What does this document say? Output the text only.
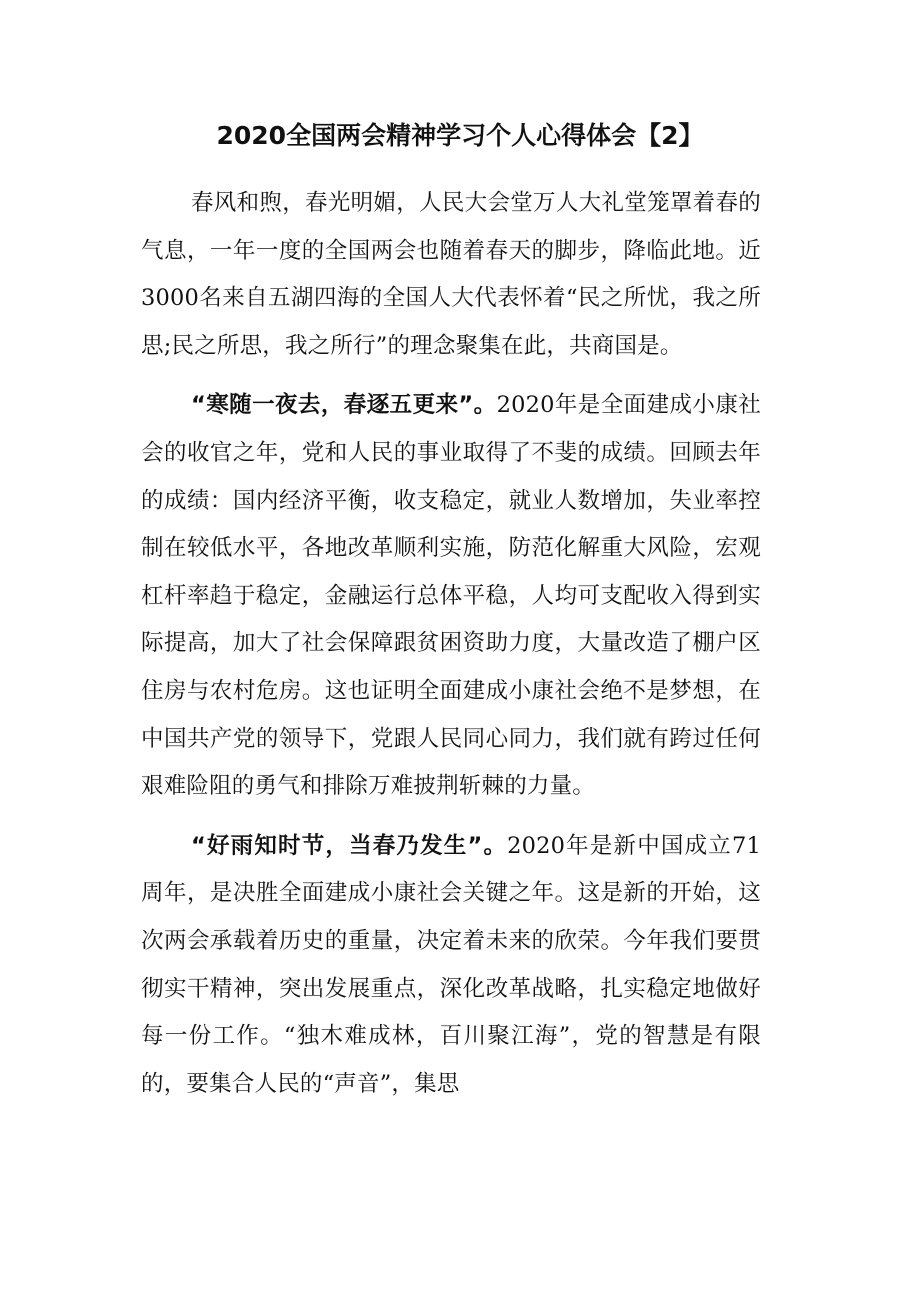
2020全国两会精神学习个人心得体会【2】

春风和煦，春光明媚，人民大会堂万人大礼堂笼罩着春的气息，一年一度的全国两会也随着春天的脚步，降临此地。近3000名来自五湖四海的全国人大代表怀着“民之所忧，我之所思;民之所思，我之所行”的理念聚集在此，共商国是。

“寒随一夜去，春逐五更来”。2020年是全面建成小康社会的收官之年，党和人民的事业取得了不斐的成绩。回顾去年的成绩：国内经济平衡，收支稳定，就业人数增加，失业率控制在较低水平，各地改革顺利实施，防范化解重大风险，宏观杠杆率趋于稳定，金融运行总体平稳，人均可支配收入得到实际提高，加大了社会保障跟贫困资助力度，大量改造了棚户区住房与农村危房。这也证明全面建成小康社会绝不是梦想，在中国共产党的领导下，党跟人民同心同力，我们就有跨过任何艰难险阻的勇气和排除万难披荆斩棘的力量。

“好雨知时节，当春乃发生”。2020年是新中国成立71周年，是决胜全面建成小康社会关键之年。这是新的开始，这次两会承载着历史的重量，决定着未来的欣荣。今年我们要贯彻实干精神，突出发展重点，深化改革战略，扎实稳定地做好每一份工作。“独木难成林，百川聚江海”，党的智慧是有限的，要集合人民的“声音”，集思
